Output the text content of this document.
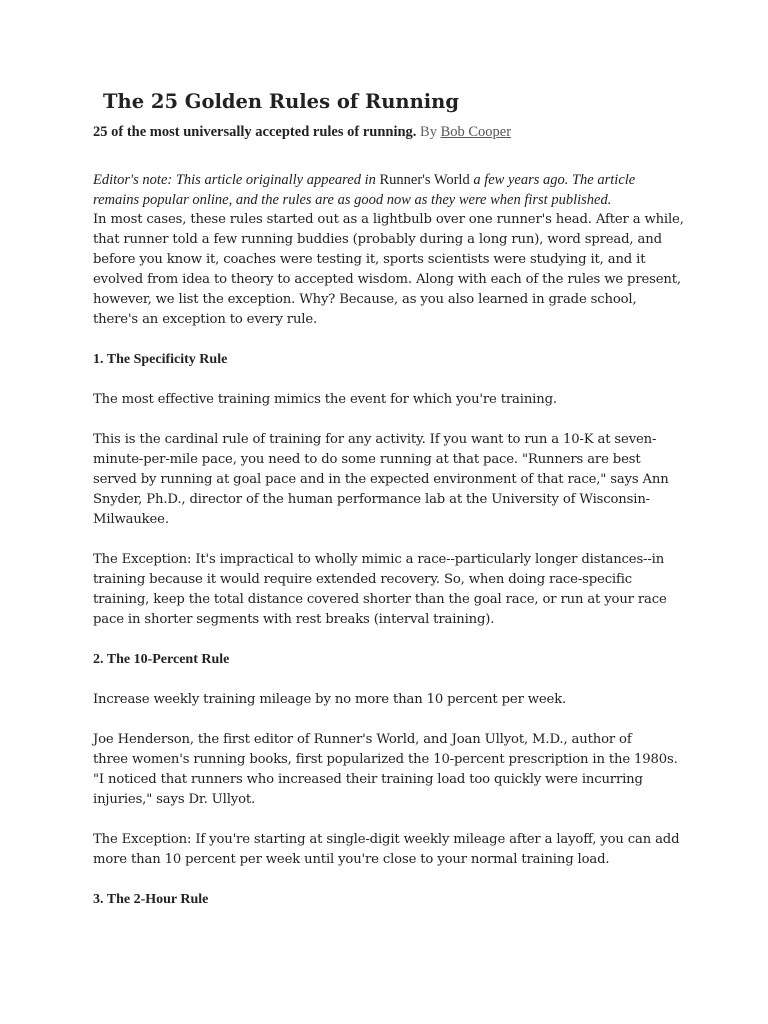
The 25 Golden Rules of Running
25 of the most universally accepted rules of running. By Bob Cooper
Editor's note: This article originally appeared in Runner's World a few years ago. The article
remains popular online, and the rules are as good now as they were when first published.

In most cases, these rules started out as a lightbulb over one runner's head. After a while,
that runner told a few running buddies (probably during a long run), word spread, and
before you know it, coaches were testing it, sports scientists were studying it, and it
evolved from idea to theory to accepted wisdom. Along with each of the rules we present,
however, we list the exception. Why? Because, as you also learned in grade school,
there's an exception to every rule.

1. The Specificity Rule

The most effective training mimics the event for which you're training.

This is the cardinal rule of training for any activity. If you want to run a 10-K at seven-
minute-per-mile pace, you need to do some running at that pace. "Runners are best
served by running at goal pace and in the expected environment of that race," says Ann
Snyder, Ph.D., director of the human performance lab at the University of Wisconsin-
Milwaukee.

The Exception: It's impractical to wholly mimic a race--particularly longer distances--in
training because it would require extended recovery. So, when doing race-specific
training, keep the total distance covered shorter than the goal race, or run at your race
pace in shorter segments with rest breaks (interval training).

2. The 10-Percent Rule

Increase weekly training mileage by no more than 10 percent per week.

Joe Henderson, the first editor of Runner's World, and Joan Ullyot, M.D., author of
three women's running books, first popularized the 10-percent prescription in the 1980s.
"I noticed that runners who increased their training load too quickly were incurring
injuries," says Dr. Ullyot.

The Exception: If you're starting at single-digit weekly mileage after a layoff, you can add
more than 10 percent per week until you're close to your normal training load.

3. The 2-Hour Rule
